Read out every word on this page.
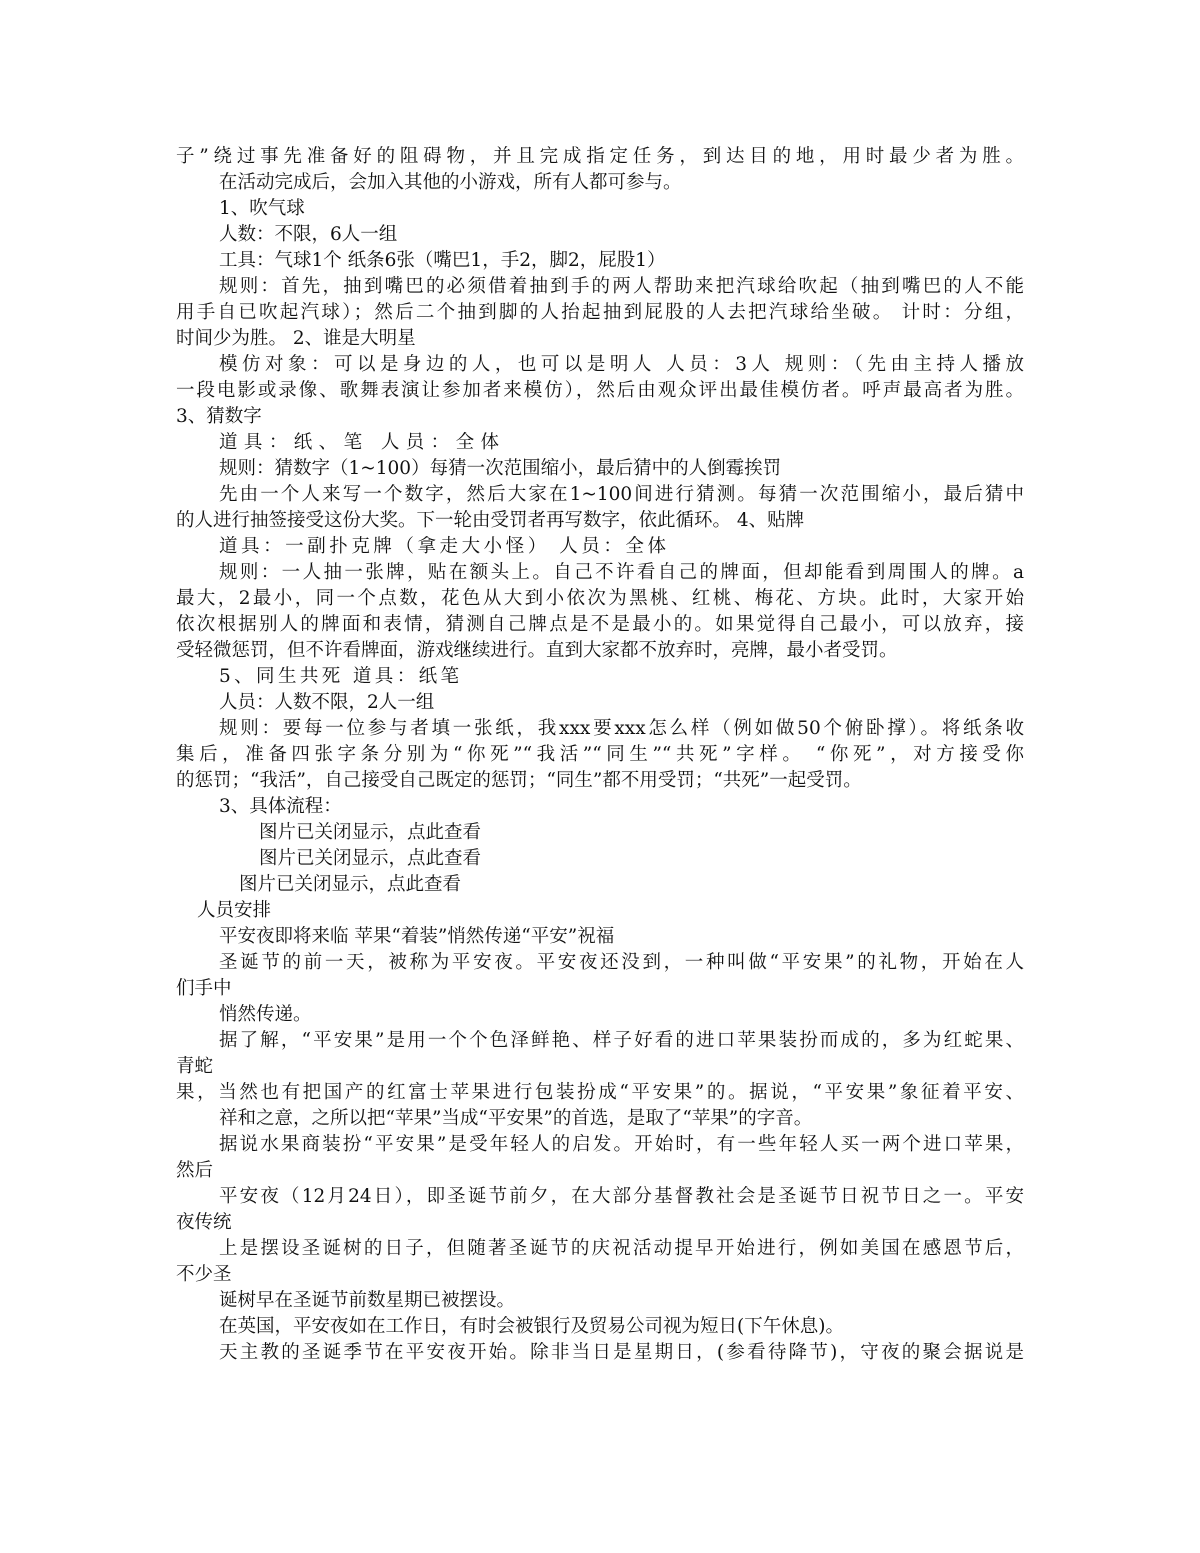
子”绕过事先准备好的阻碍物，并且完成指定任务，到达目的地，用时最少者为胜。
在活动完成后，会加入其他的小游戏，所有人都可参与。
1、吹气球
人数：不限，6人一组
工具：气球1个 纸条6张（嘴巴1，手2，脚2，屁股1）
规则：首先，抽到嘴巴的必须借着抽到手的两人帮助来把汽球给吹起（抽到嘴巴的人不能
用手自已吹起汽球）；然后二个抽到脚的人抬起抽到屁股的人去把汽球给坐破。 计时：分组，
时间少为胜。 2、谁是大明星
模仿对象：可以是身边的人，也可以是明人 人员：3人 规则：（先由主持人播放
一段电影或录像、歌舞表演让参加者来模仿），然后由观众评出最佳模仿者。呼声最高者为胜。
3、猜数字
道具：纸、笔 人员：全体
规则：猜数字（1~100）每猜一次范围缩小，最后猜中的人倒霉挨罚
先由一个人来写一个数字，然后大家在1~100间进行猜测。每猜一次范围缩小，最后猜中
的人进行抽签接受这份大奖。下一轮由受罚者再写数字，依此循环。 4、贴牌
道具：一副扑克牌（拿走大小怪） 人员：全体
规则：一人抽一张牌，贴在额头上。自己不许看自己的牌面，但却能看到周围人的牌。a
最大，2最小，同一个点数，花色从大到小依次为黑桃、红桃、梅花、方块。此时，大家开始
依次根据别人的牌面和表情，猜测自己牌点是不是最小的。如果觉得自己最小，可以放弃，接
受轻微惩罚，但不许看牌面，游戏继续进行。直到大家都不放弃时，亮牌，最小者受罚。
5、同生共死 道具：纸笔
人员：人数不限，2人一组
规则：要每一位参与者填一张纸，我xxx要xxx怎么样（例如做50个俯卧撑）。将纸条收
集后，准备四张字条分别为“你死”“我活”“同生”“共死”字样。 “你死”，对方接受你
的惩罚；“我活”，自己接受自己既定的惩罚；“同生”都不用受罚；“共死”一起受罚。
3、具体流程：
图片已关闭显示，点此查看
图片已关闭显示，点此查看
图片已关闭显示，点此查看
人员安排
平安夜即将来临 苹果“着装”悄然传递“平安”祝福
圣诞节的前一天，被称为平安夜。平安夜还没到，一种叫做“平安果”的礼物，开始在人
们手中
悄然传递。
据了解，“平安果”是用一个个色泽鲜艳、样子好看的进口苹果装扮而成的，多为红蛇果、
青蛇
果，当然也有把国产的红富士苹果进行包装扮成“平安果”的。据说，“平安果”象征着平安、
祥和之意，之所以把“苹果”当成“平安果”的首选，是取了“苹果”的字音。
据说水果商装扮“平安果”是受年轻人的启发。开始时，有一些年轻人买一两个进口苹果，
然后
平安夜（12月24日），即圣诞节前夕，在大部分基督教社会是圣诞节日祝节日之一。平安
夜传统
上是摆设圣诞树的日子，但随著圣诞节的庆祝活动提早开始进行，例如美国在感恩节后，
不少圣
诞树早在圣诞节前数星期已被摆设。
在英国，平安夜如在工作日，有时会被银行及贸易公司视为短日(下午休息)。
天主教的圣诞季节在平安夜开始。除非当日是星期日，(参看待降节)，守夜的聚会据说是
